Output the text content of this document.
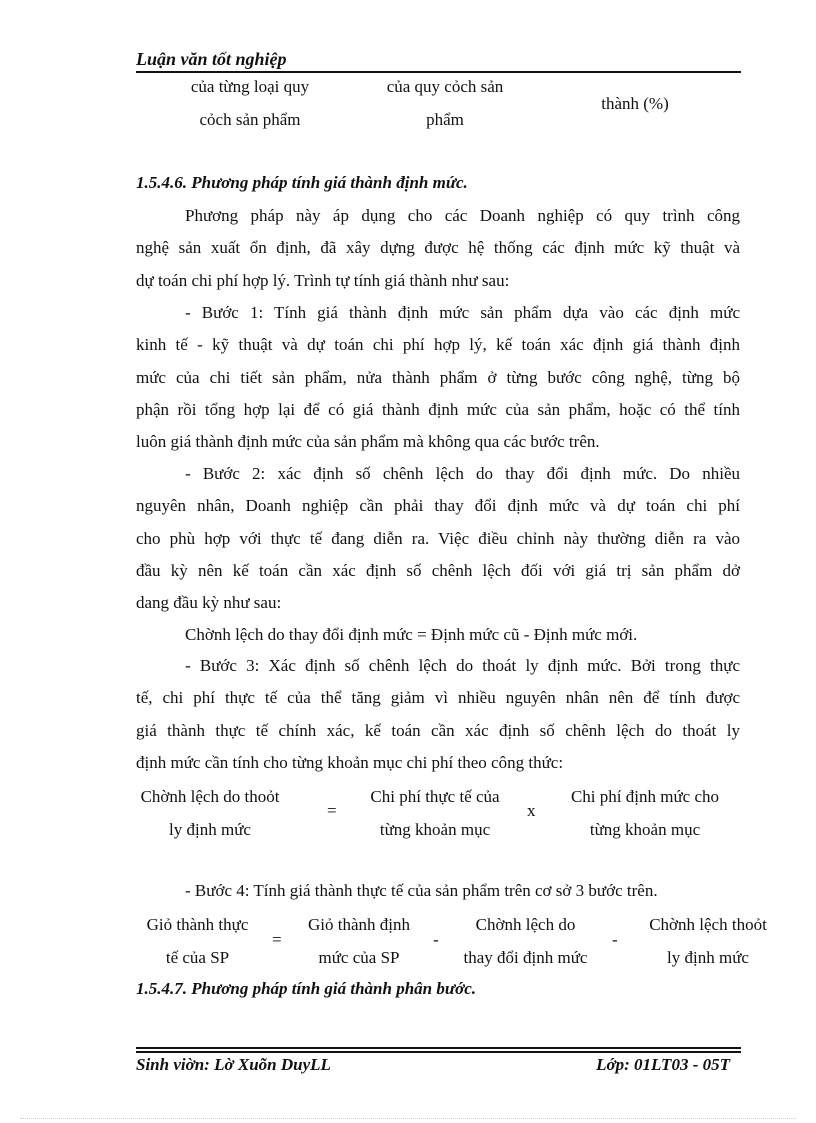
Luận văn tốt nghiệp
của từng loại quy
cỏch sản phẩm
của quy cỏch sản
phẩm
thành (%)
1.5.4.6. Phương pháp tính giá thành định mức.
Phương pháp này áp dụng cho các Doanh nghiệp có quy trình công
nghệ sản xuất ổn định, đã xây dựng được hệ thống các định mức kỹ thuật và
dự toán chi phí hợp lý. Trình tự tính giá thành như sau:
- Bước 1: Tính giá thành định mức sản phẩm dựa vào các định mức
kinh tế - kỹ thuật và dự toán chi phí hợp lý, kế toán xác định giá thành định
mức của chi tiết sản phẩm, nửa thành phẩm ở từng bước công nghệ, từng bộ
phận rồi tổng hợp lại để có giá thành định mức của sản phẩm, hoặc có thể tính
luôn giá thành định mức của sản phẩm mà không qua các bước trên.
- Bước 2: xác định số chênh lệch do thay đổi định mức. Do nhiều
nguyên nhân, Doanh nghiệp cần phải thay đổi định mức và dự toán chi phí
cho phù hợp với thực tế đang diễn ra. Việc điều chỉnh này thường diễn ra vào
đầu kỳ nên kế toán cần xác định số chênh lệch đối với giá trị sản phẩm dở
dang đầu kỳ như sau:
Chờnh lệch do thay đổi định mức = Định mức cũ - Định mức mới.
- Bước 3: Xác định số chênh lệch do thoát ly định mức. Bởi trong thực
tế, chi phí thực tế của thể tăng giảm vì nhiều nguyên nhân nên để tính được
giá thành thực tế chính xác, kế toán cần xác định số chênh lệch do thoát ly
định mức cần tính cho từng khoản mục chi phí theo công thức:
Chờnh lệch do thoỏt
ly định mức
=
Chi phí thực tế của
từng khoản mục
x
Chi phí định mức cho
từng khoản mục
- Bước 4: Tính giá thành thực tế của sản phẩm trên cơ sở 3 bước trên.
Giỏ thành thực
tế của SP
=
Giỏ thành định
mức của SP
-
Chờnh lệch do
thay đổi định mức
-
Chờnh lệch thoỏt
ly định mức
1.5.4.7. Phương pháp tính giá thành phân bước.
Sinh viờn: Lờ Xuõn DuyLL	Lớp: 01LT03 - 05T
